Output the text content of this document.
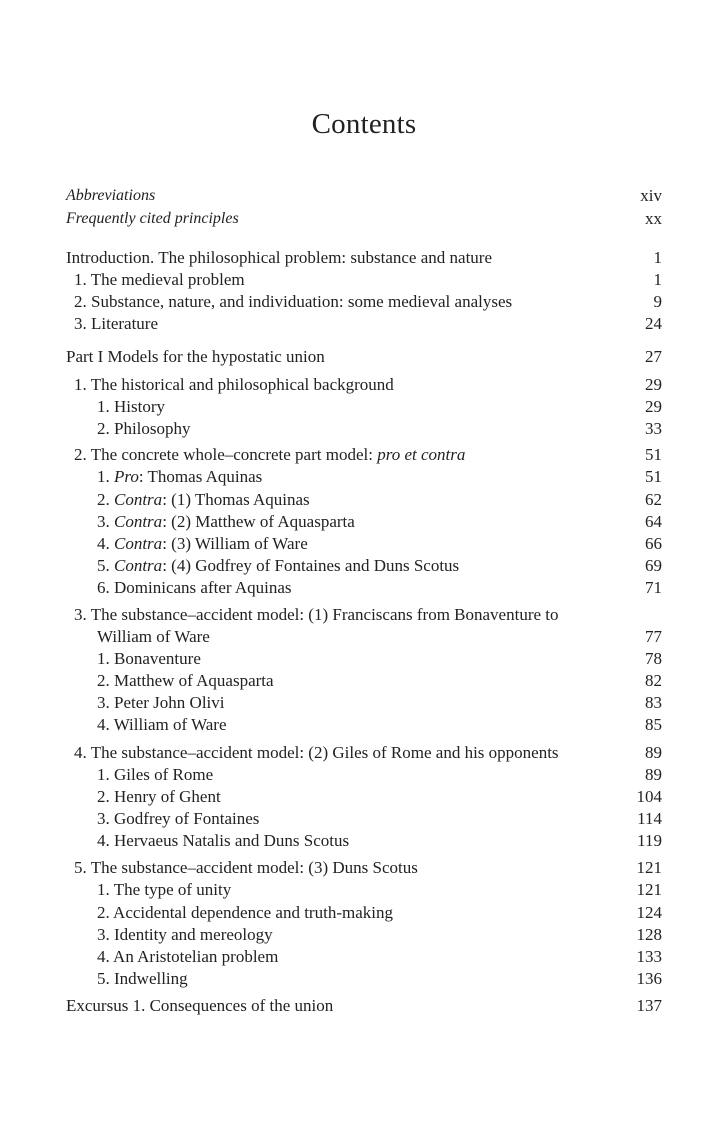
Contents
Abbreviations	xiv
Frequently cited principles	xx
Introduction. The philosophical problem: substance and nature	1
1. The medieval problem	1
2. Substance, nature, and individuation: some medieval analyses	9
3. Literature	24
Part I Models for the hypostatic union	27
1. The historical and philosophical background	29
1. History	29
2. Philosophy	33
2. The concrete whole–concrete part model: pro et contra	51
1. Pro: Thomas Aquinas	51
2. Contra: (1) Thomas Aquinas	62
3. Contra: (2) Matthew of Aquasparta	64
4. Contra: (3) William of Ware	66
5. Contra: (4) Godfrey of Fontaines and Duns Scotus	69
6. Dominicans after Aquinas	71
3. The substance–accident model: (1) Franciscans from Bonaventure to
William of Ware	77
1. Bonaventure	78
2. Matthew of Aquasparta	82
3. Peter John Olivi	83
4. William of Ware	85
4. The substance–accident model: (2) Giles of Rome and his opponents	89
1. Giles of Rome	89
2. Henry of Ghent	104
3. Godfrey of Fontaines	114
4. Hervaeus Natalis and Duns Scotus	119
5. The substance–accident model: (3) Duns Scotus	121
1. The type of unity	121
2. Accidental dependence and truth-making	124
3. Identity and mereology	128
4. An Aristotelian problem	133
5. Indwelling	136
Excursus 1. Consequences of the union	137
